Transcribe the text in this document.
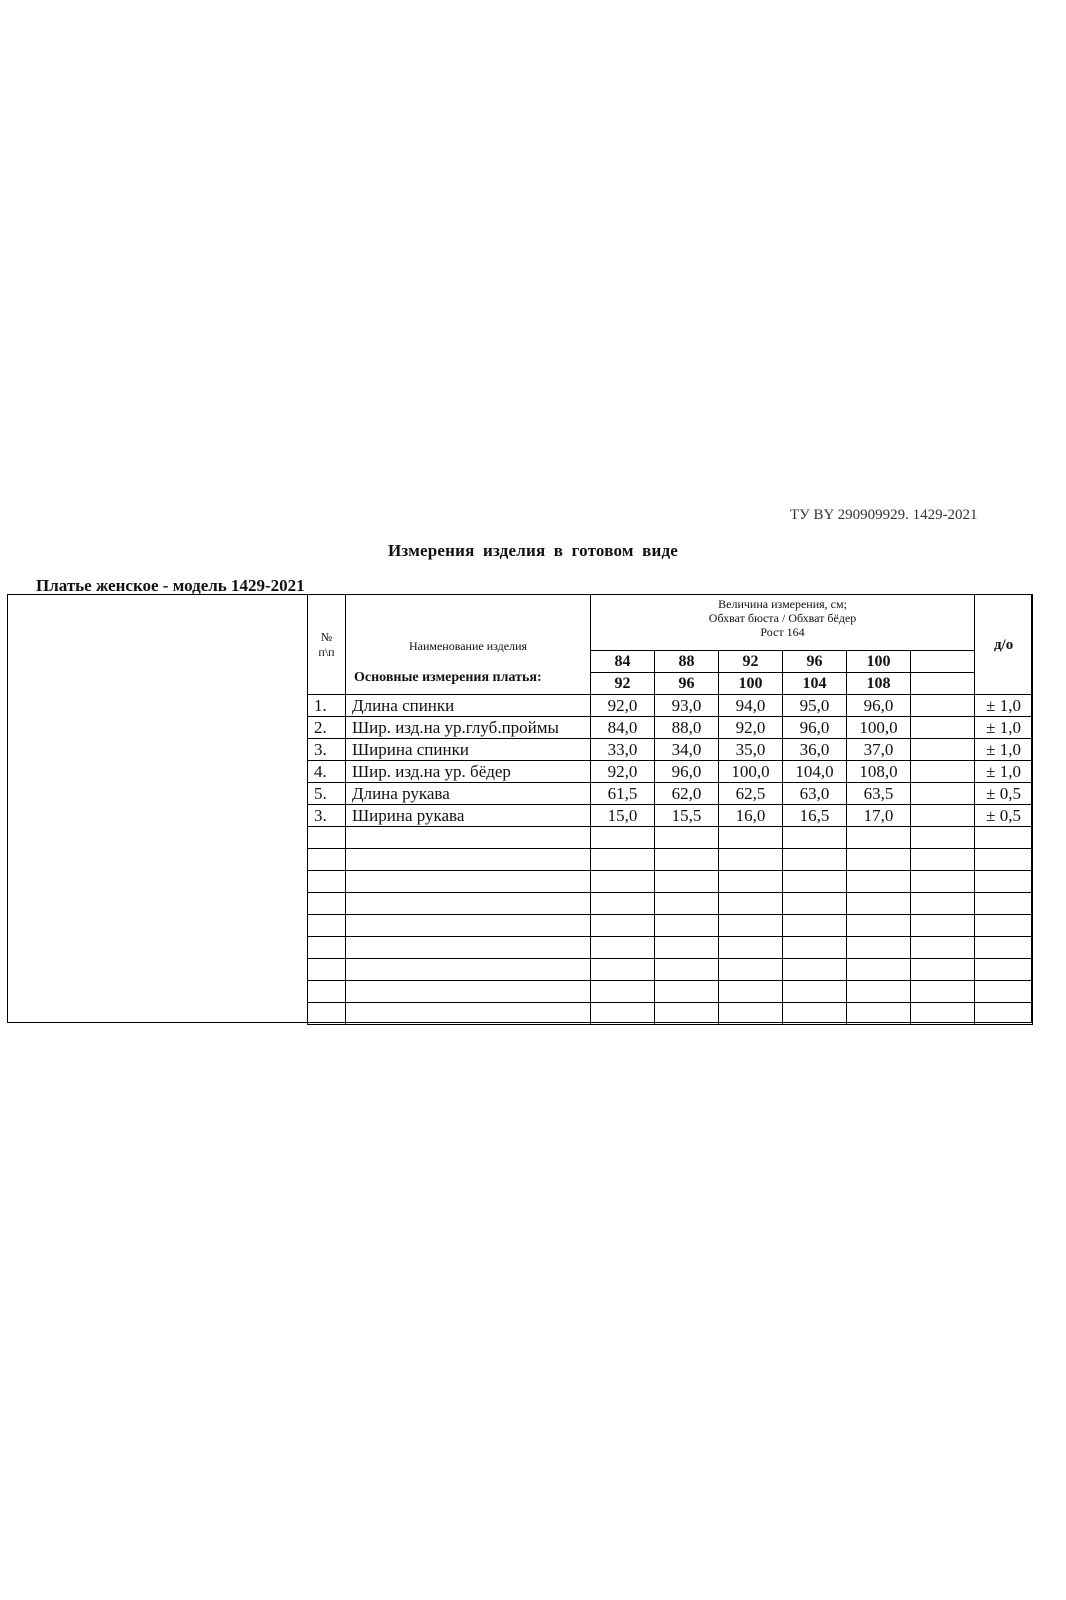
ТУ BY 290909929. 1429-2021
Измерения изделия в готовом виде
Платье женское - модель 1429-2021
№
п\п	Наименование изделия
Основные измерения платья:	Величина измерения, см;
Обхват бюста / Обхват бёдер
Рост 164						д/о
		84	88	92	96	100		
		92	96	100	104	108		
1.	Длина спинки	92,0	93,0	94,0	95,0	96,0		± 1,0
2.	Шир. изд.на ур.глуб.проймы	84,0	88,0	92,0	96,0	100,0		± 1,0
3.	Ширина спинки	33,0	34,0	35,0	36,0	37,0		± 1,0
4.	Шир. изд.на ур. бёдер	92,0	96,0	100,0	104,0	108,0		± 1,0
5.	Длина рукава	61,5	62,0	62,5	63,0	63,5		± 0,5
3.	Ширина рукава	15,0	15,5	16,0	16,5	17,0		± 0,5
